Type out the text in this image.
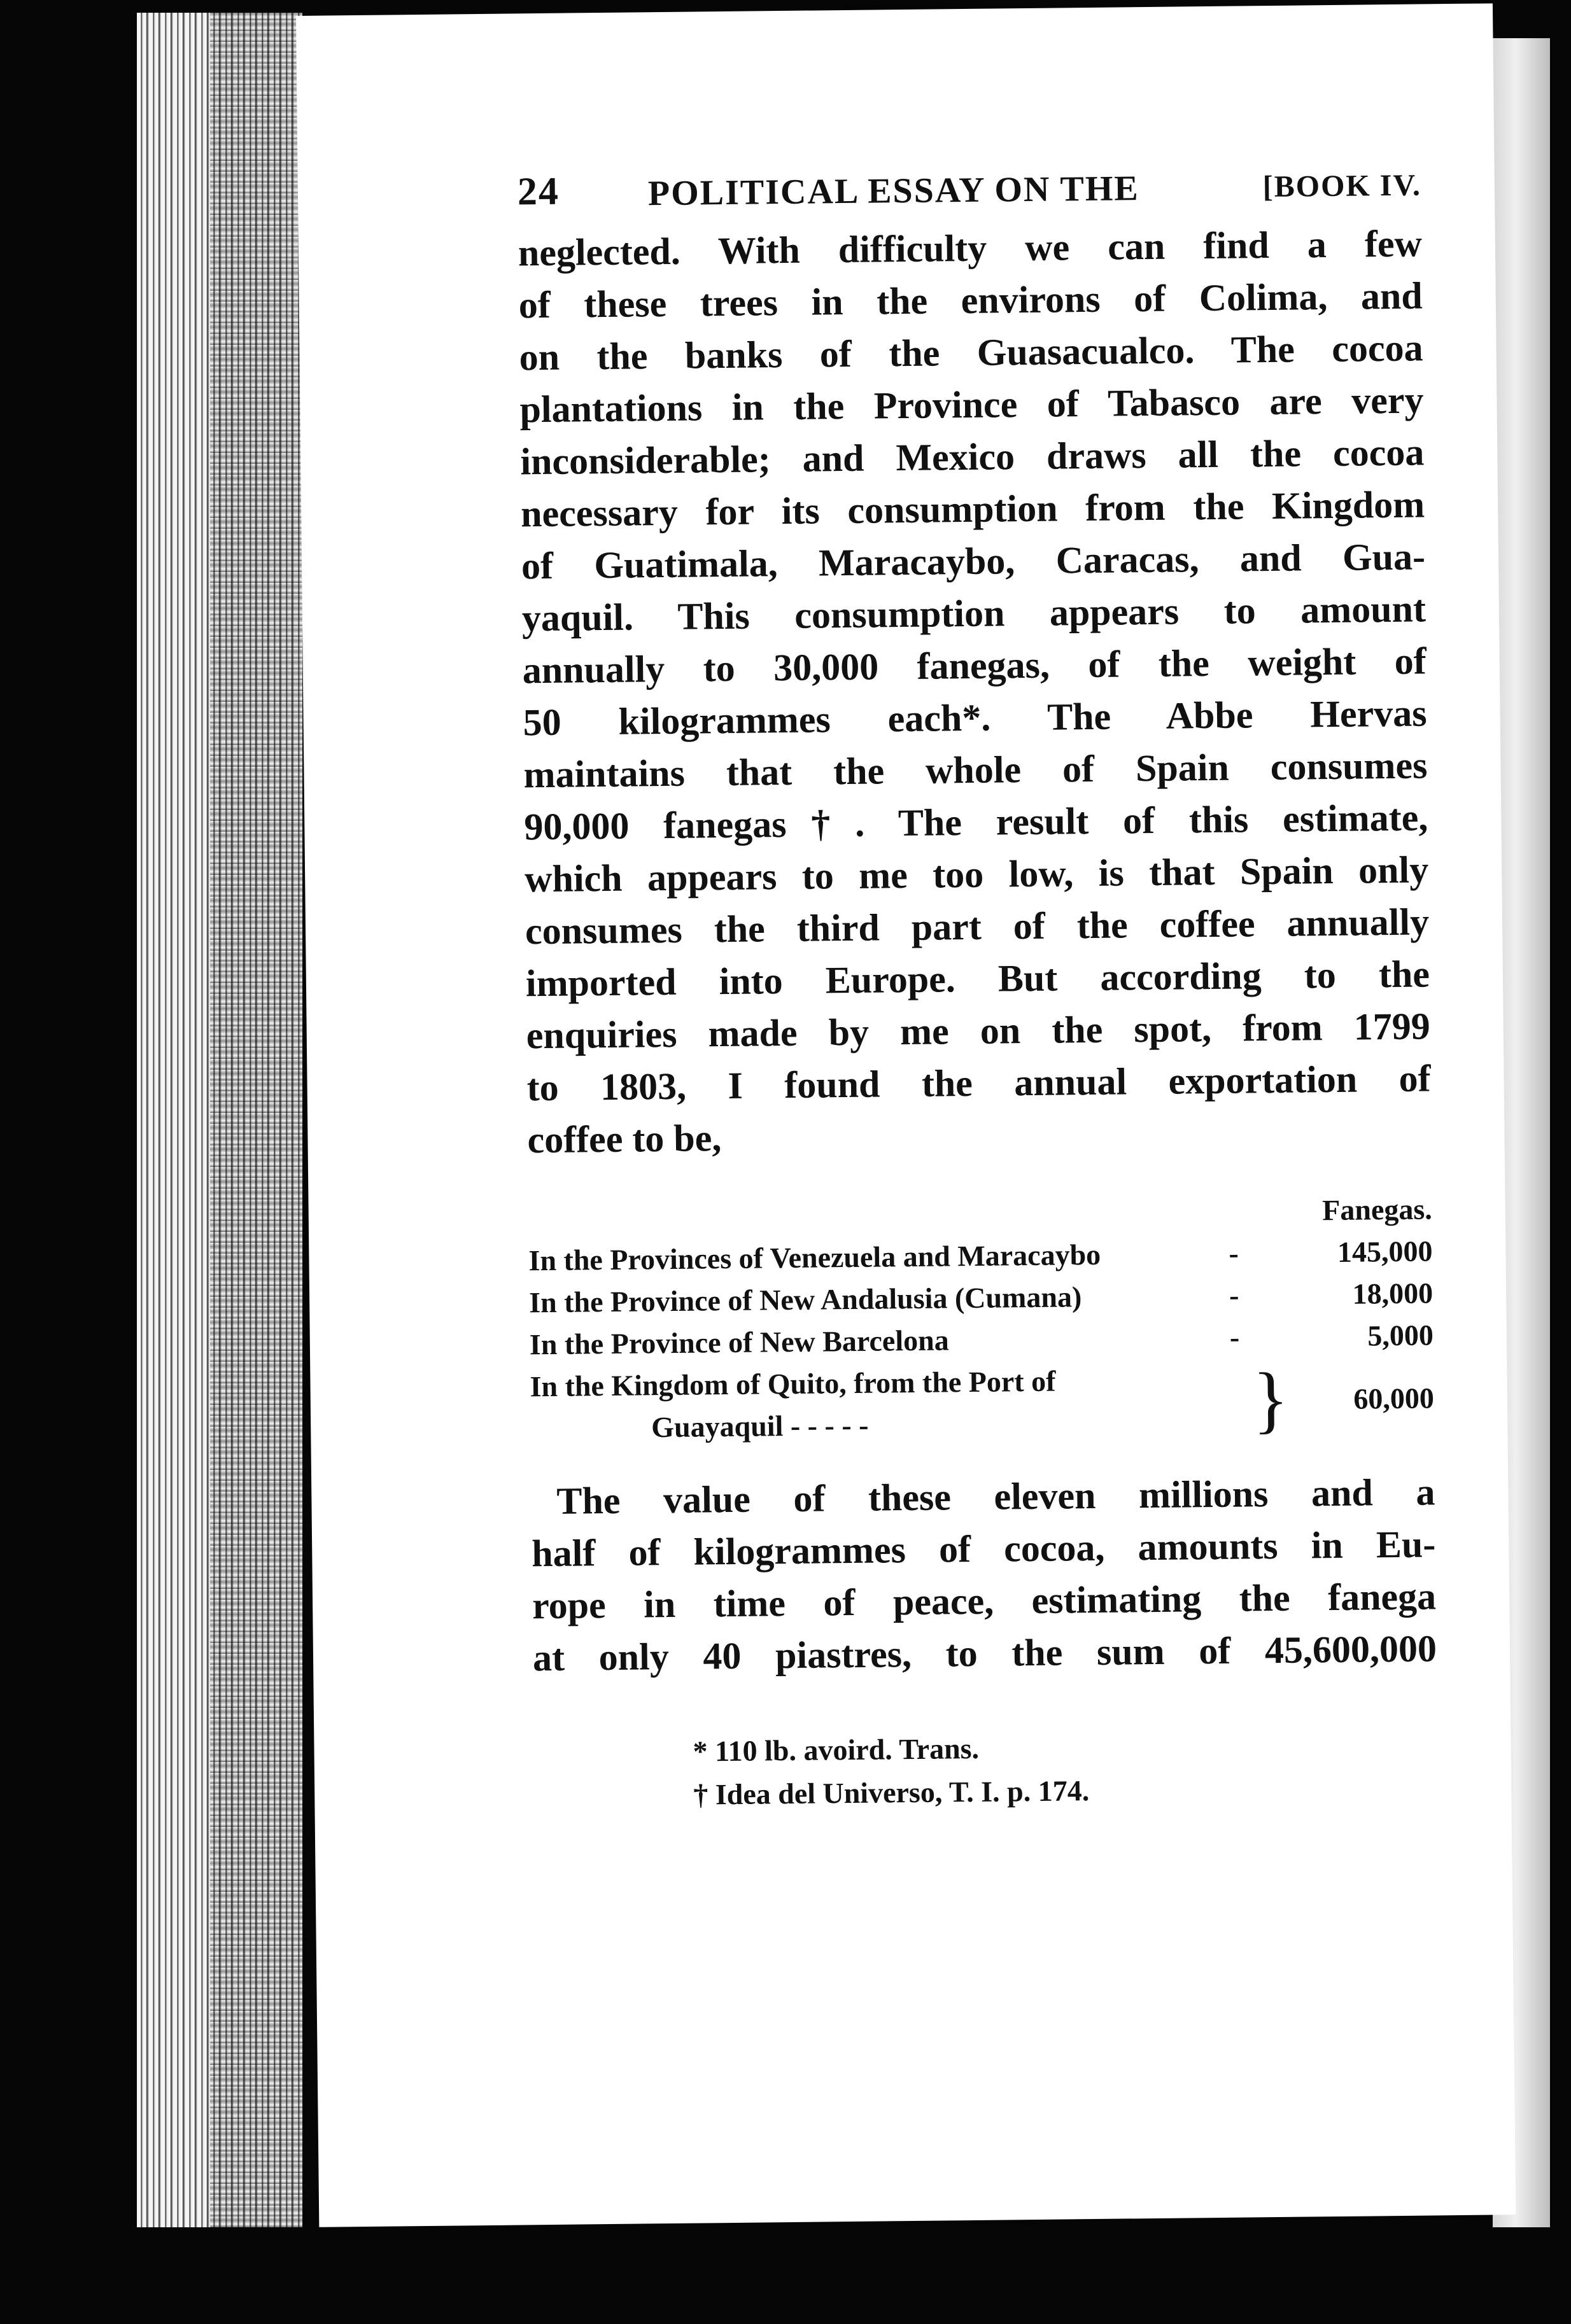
24 POLITICAL ESSAY ON THE	[BOOK IV.

neglected. With difficulty we can find a few

of these trees in the environs of Colima, and

on the banks of the Guasacualco. The cocoa

plantations in the Province of Tabasco are very

inconsiderable; and Mexico draws all the cocoa

necessary for its consumption from the Kingdom

of Guatimala, Maracaybo, Caracas, and Gua-

yaquil. This consumption appears to amount

annually to 30,000 fanegas, of the weight of

50 kilogrammes each*. The Abbe Hervas

maintains that the whole of Spain consumes

90,000 fanegas†. The result of this estimate,

which appears to me too low, is that Spain only

consumes the third part of the coffee annually

imported into Europe. But according to the

enquiries made by me on the spot, from 1799

to 1803, I found the annual exportation of

coffee to be,

Fanegas.
In the Provinces of Venezuela and Maracaybo	-	145,000
In the Province of New Andalusia (Cumana)	-	18,000
In the Province of New Barcelona	-	5,000
In the Kingdom of Quito, from the Port of
Guayaquil - - - - -	} 60,000

The value of these eleven millions and a

half of kilogrammes of cocoa, amounts in Eu-

rope in time of peace, estimating the fanega

at only 40 piastres, to the sum of 45,600,000

* 110 lb. avoird. Trans.
† Idea del Universo, T. I. p. 174.
